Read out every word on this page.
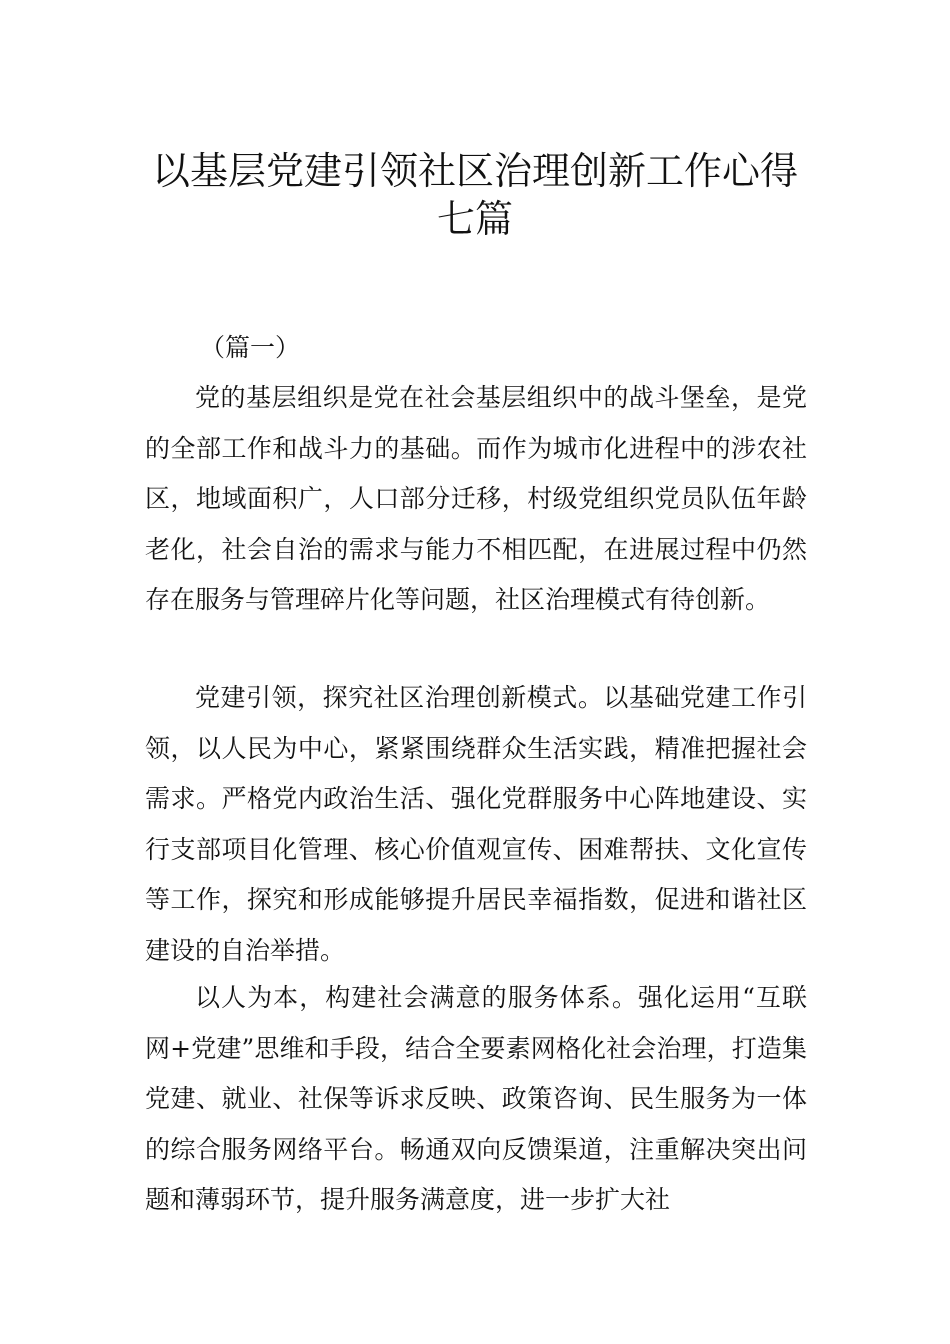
以基层党建引领社区治理创新工作心得七篇
（篇一）

党的基层组织是党在社会基层组织中的战斗堡垒，是党的全部工作和战斗力的基础。而作为城市化进程中的涉农社区，地域面积广，人口部分迁移，村级党组织党员队伍年龄老化，社会自治的需求与能力不相匹配，在进展过程中仍然存在服务与管理碎片化等问题，社区治理模式有待创新。

党建引领，探究社区治理创新模式。以基础党建工作引领，以人民为中心，紧紧围绕群众生活实践，精准把握社会需求。严格党内政治生活、强化党群服务中心阵地建设、实行支部项目化管理、核心价值观宣传、困难帮扶、文化宣传等工作，探究和形成能够提升居民幸福指数，促进和谐社区建设的自治举措。

以人为本，构建社会满意的服务体系。强化运用“互联网+党建”思维和手段，结合全要素网格化社会治理，打造集党建、就业、社保等诉求反映、政策咨询、民生服务为一体的综合服务网络平台。畅通双向反馈渠道，注重解决突出问题和薄弱环节，提升服务满意度，进一步扩大社
